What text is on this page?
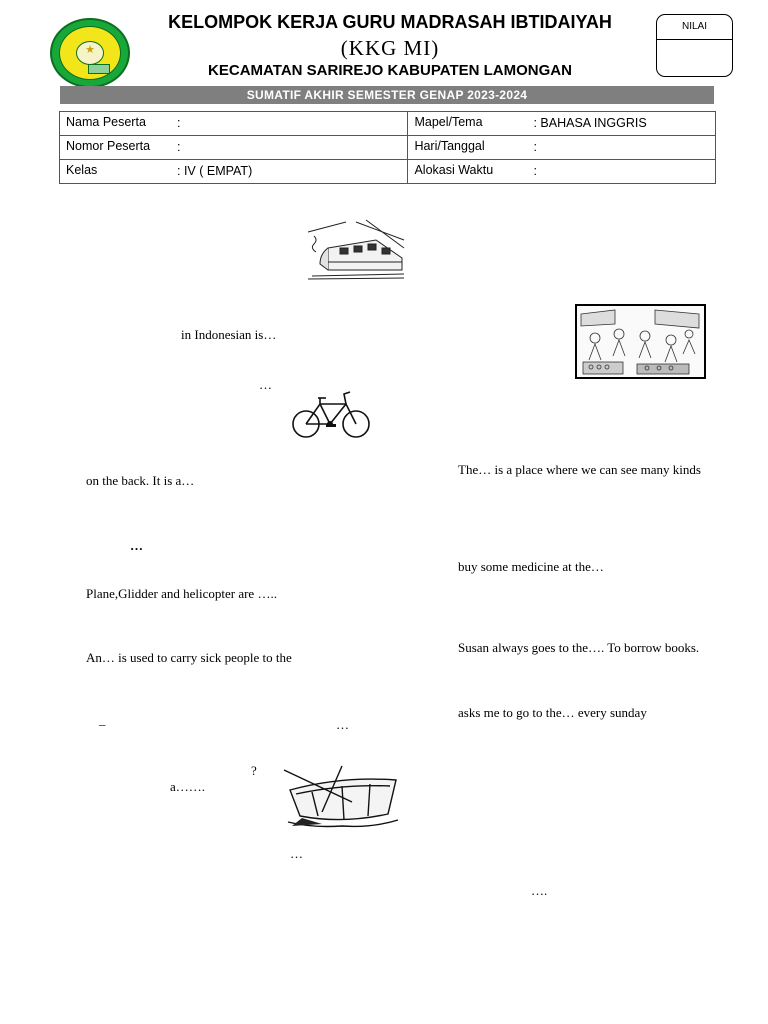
★
KELOMPOK KERJA GURU MADRASAH IBTIDAIYAH
(KKG MI)
KECAMATAN SARIREJO KABUPATEN LAMONGAN
NILAI
SUMATIF AKHIR SEMESTER GENAP 2023-2024
Nama Peserta :	Mapel/Tema : BAHASA INGGRIS

Nomor Peserta :	Hari/Tanggal :

Kelas : IV ( EMPAT)	Alokasi Waktu :
in Indonesian is…
…
on the back. It is a…
…
Plane,Glidder and helicopter are …..
An… is used to carry sick people to the
_	…
?
a…….
…
The… is a place where we can see many kinds
buy some medicine at the…
Susan always goes to the…. To borrow books.
asks me to go to the… every sunday
….
